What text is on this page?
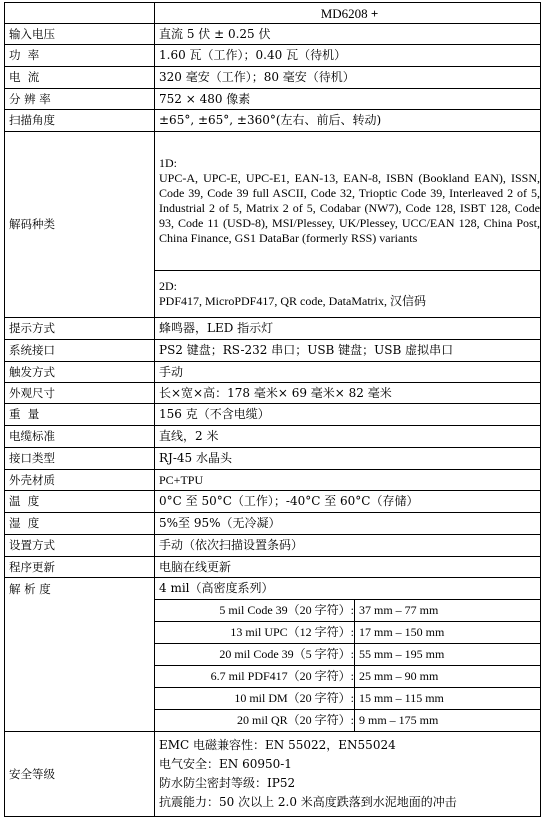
	MD6208 +	
输入电压	直流 5 伏 ± 0.25 伏	
功  率	1.60 瓦（工作）；0.40 瓦（待机）	
电  流	320 毫安（工作）；80 毫安（待机）	
分 辨 率	752 × 480 像素	
扫描角度	±65°, ±65°, ±360°(左右、前后、转动)	
解码种类	1D:
UPC-A, UPC-E, UPC-E1, EAN-13, EAN-8, ISBN (Bookland EAN), ISSN, Code 39, Code 39 full ASCII, Code 32, Trioptic Code 39, Interleaved 2 of 5, Industrial 2 of 5, Matrix 2 of 5, Codabar (NW7), Code 128, ISBT 128, Code 93, Code 11 (USD-8), MSI/Plessey, UK/Plessey, UCC/EAN 128, China Post, China Finance, GS1 DataBar (formerly RSS) variants	

	2D:
PDF417, MicroPDF417, QR code, DataMatrix, 汉信码	

提示方式	蜂鸣器，LED 指示灯	
系统接口	PS2 键盘；RS-232 串口；USB 键盘；USB 虚拟串口	
触发方式	手动	
外观尺寸	长×宽×高：178 毫米× 69 毫米× 82 毫米	
重  量	156 克（不含电缆）	
电缆标准	直线，2 米	
接口类型	RJ-45 水晶头	
外壳材质	PC+TPU	
温  度	0°C 至 50°C（工作）；-40°C 至 60°C（存储）	
湿  度	5%至 95%（无冷凝）	
设置方式	手动（依次扫描设置条码）	
程序更新	电脑在线更新	
解 析 度	4 mil（高密度系列）	
	5 mil Code 39（20 字符）:	37 mm – 77 mm
	13 mil UPC（12 字符）:	17 mm – 150 mm
	20 mil Code 39（5 字符）:	55 mm – 195 mm
	6.7 mil PDF417（20 字符）:	25 mm – 90 mm
	10 mil DM（20 字符）:	15 mm – 115 mm
	20 mil QR（20 字符）:	9 mm – 175 mm
安全等级	EMC 电磁兼容性：EN 55022，EN55024
电气安全：EN 60950-1
防水防尘密封等级：IP52
抗震能力：50 次以上 2.0 米高度跌落到水泥地面的冲击	
